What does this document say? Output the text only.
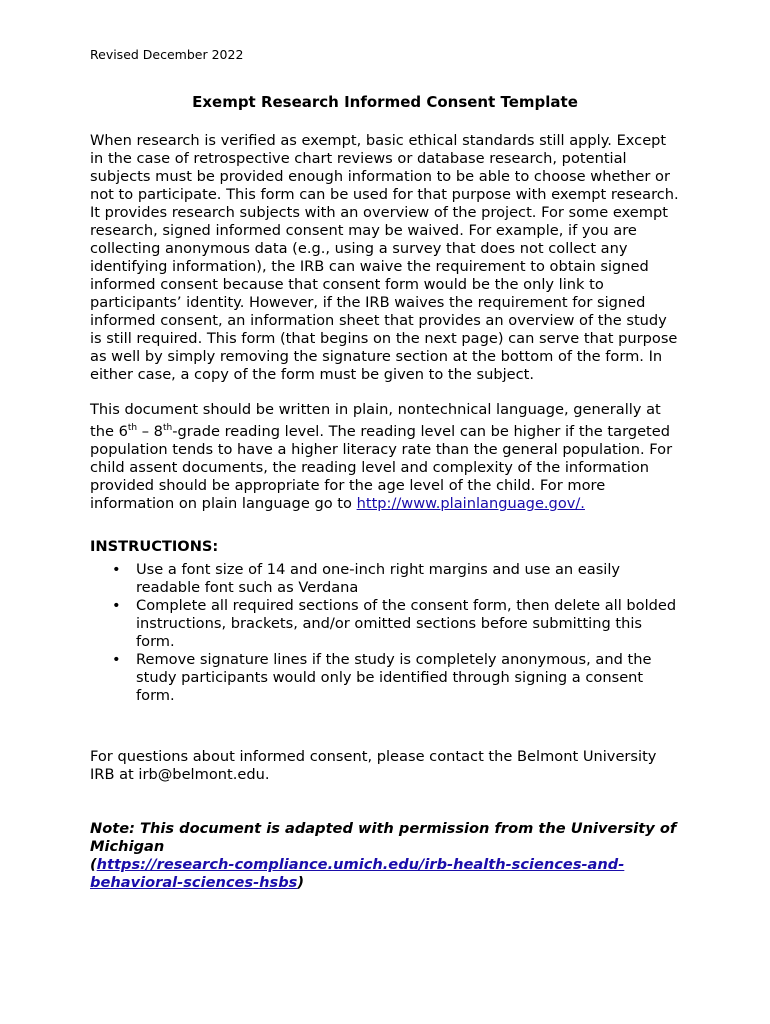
Revised December 2022

Exempt Research Informed Consent Template

When research is verified as exempt, basic ethical standards still apply. Except in the case of retrospective chart reviews or database research, potential subjects must be provided enough information to be able to choose whether or not to participate. This form can be used for that purpose with exempt research. It provides research subjects with an overview of the project. For some exempt research, signed informed consent may be waived. For example, if you are collecting anonymous data (e.g., using a survey that does not collect any identifying information), the IRB can waive the requirement to obtain signed informed consent because that consent form would be the only link to participants’ identity. However, if the IRB waives the requirement for signed informed consent, an information sheet that provides an overview of the study is still required. This form (that begins on the next page) can serve that purpose as well by simply removing the signature section at the bottom of the form. In either case, a copy of the form must be given to the subject.

This document should be written in plain, nontechnical language, generally at the 6th – 8th-grade reading level. The reading level can be higher if the targeted population tends to have a higher literacy rate than the general population. For child assent documents, the reading level and complexity of the information provided should be appropriate for the age level of the child. For more information on plain language go to http://www.plainlanguage.gov/.

INSTRUCTIONS:

• Use a font size of 14 and one-inch right margins and use an easily readable font such as Verdana
• Complete all required sections of the consent form, then delete all bolded instructions, brackets, and/or omitted sections before submitting this form.
• Remove signature lines if the study is completely anonymous, and the study participants would only be identified through signing a consent form.

For questions about informed consent, please contact the Belmont University IRB at irb@belmont.edu.

Note: This document is adapted with permission from the University of Michigan
(https://research-compliance.umich.edu/irb-health-sciences-and-behavioral-sciences-hsbs)
